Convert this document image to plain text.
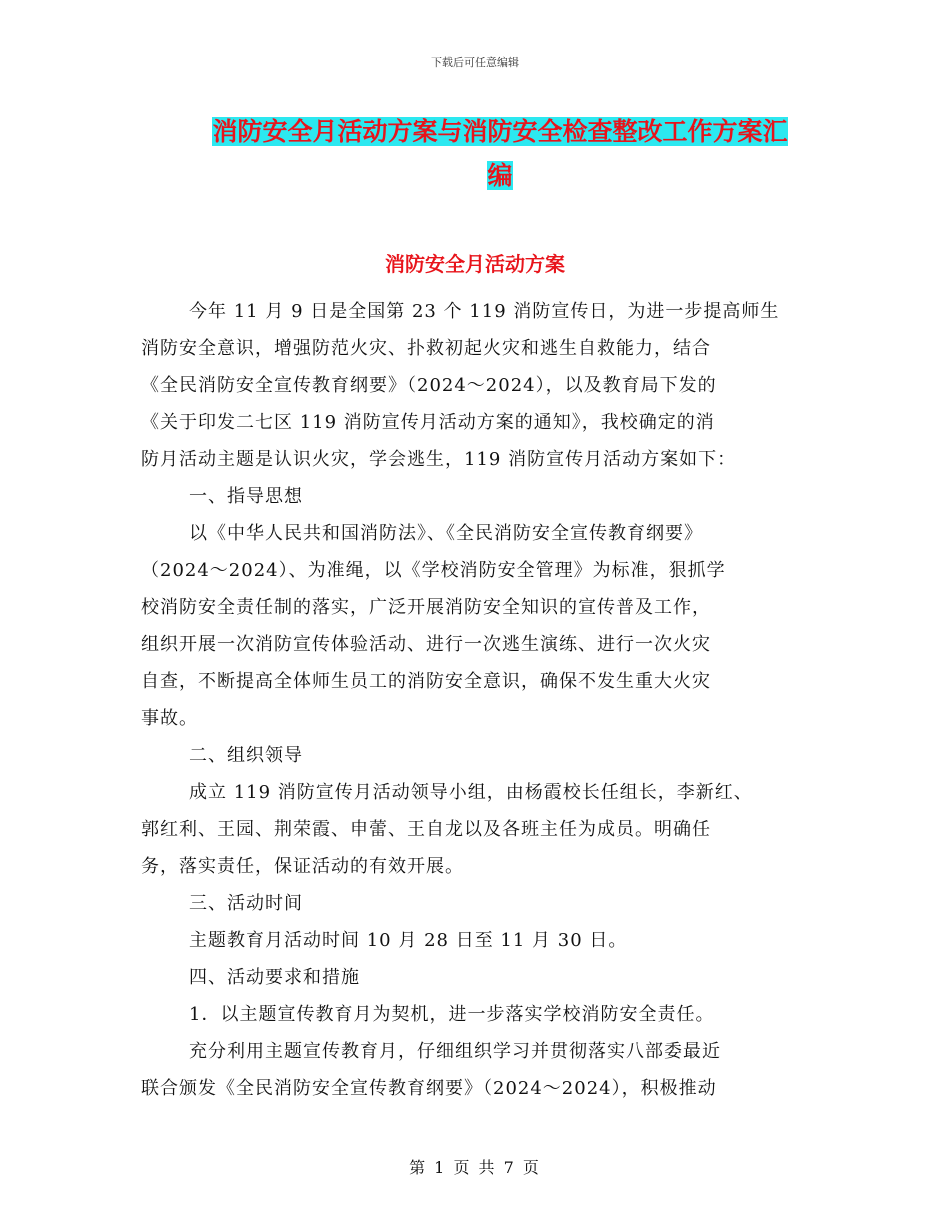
下载后可任意编辑
消防安全月活动方案与消防安全检查整改工作方案汇
编
消防安全月活动方案

今年 11 月 9 日是全国第 23 个 119 消防宣传日，为进一步提高师生

消防安全意识，增强防范火灾、扑救初起火灾和逃生自救能力，结合

《全民消防安全宣传教育纲要》（2024～2024），以及教育局下发的

《关于印发二七区 119 消防宣传月活动方案的通知》，我校确定的消

防月活动主题是认识火灾，学会逃生，119 消防宣传月活动方案如下：

一、指导思想

以《中华人民共和国消防法》、《全民消防安全宣传教育纲要》

（2024～2024）、为准绳，以《学校消防安全管理》为标准，狠抓学

校消防安全责任制的落实，广泛开展消防安全知识的宣传普及工作，

组织开展一次消防宣传体验活动、进行一次逃生演练、进行一次火灾

自查，不断提高全体师生员工的消防安全意识，确保不发生重大火灾

事故。

二、组织领导

成立 119 消防宣传月活动领导小组，由杨霞校长任组长，李新红、

郭红利、王园、荆荣霞、申蕾、王自龙以及各班主任为成员。明确任

务，落实责任，保证活动的有效开展。

三、活动时间

主题教育月活动时间 10 月 28 日至 11 月 30 日。

四、活动要求和措施

1．以主题宣传教育月为契机，进一步落实学校消防安全责任。

充分利用主题宣传教育月，仔细组织学习并贯彻落实八部委最近

联合颁发《全民消防安全宣传教育纲要》（2024～2024），积极推动

第 1 页 共 7 页
